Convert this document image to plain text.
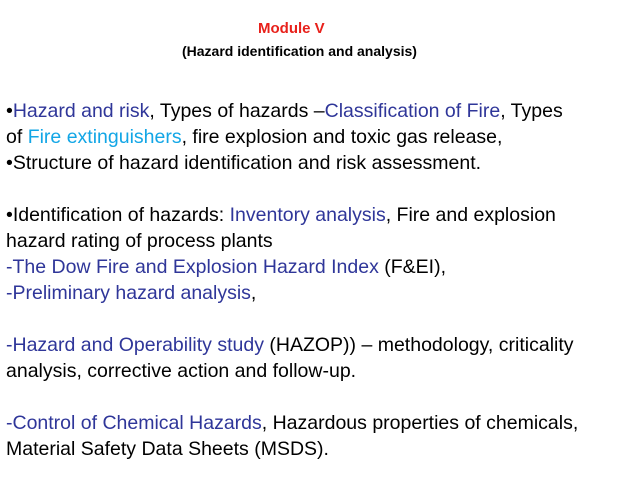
Module V
(Hazard identification and analysis)
•Hazard and risk, Types of hazards –Classification of Fire, Types
of Fire extinguishers, fire explosion and toxic gas release,
•Structure of hazard identification and risk assessment.
•Identification of hazards: Inventory analysis, Fire and explosion
hazard rating of process plants
-The Dow Fire and Explosion Hazard Index (F&EI),
-Preliminary hazard analysis,
-Hazard and Operability study (HAZOP)) – methodology, criticality
analysis, corrective action and follow-up.
-Control of Chemical Hazards, Hazardous properties of chemicals,
Material Safety Data Sheets (MSDS).
